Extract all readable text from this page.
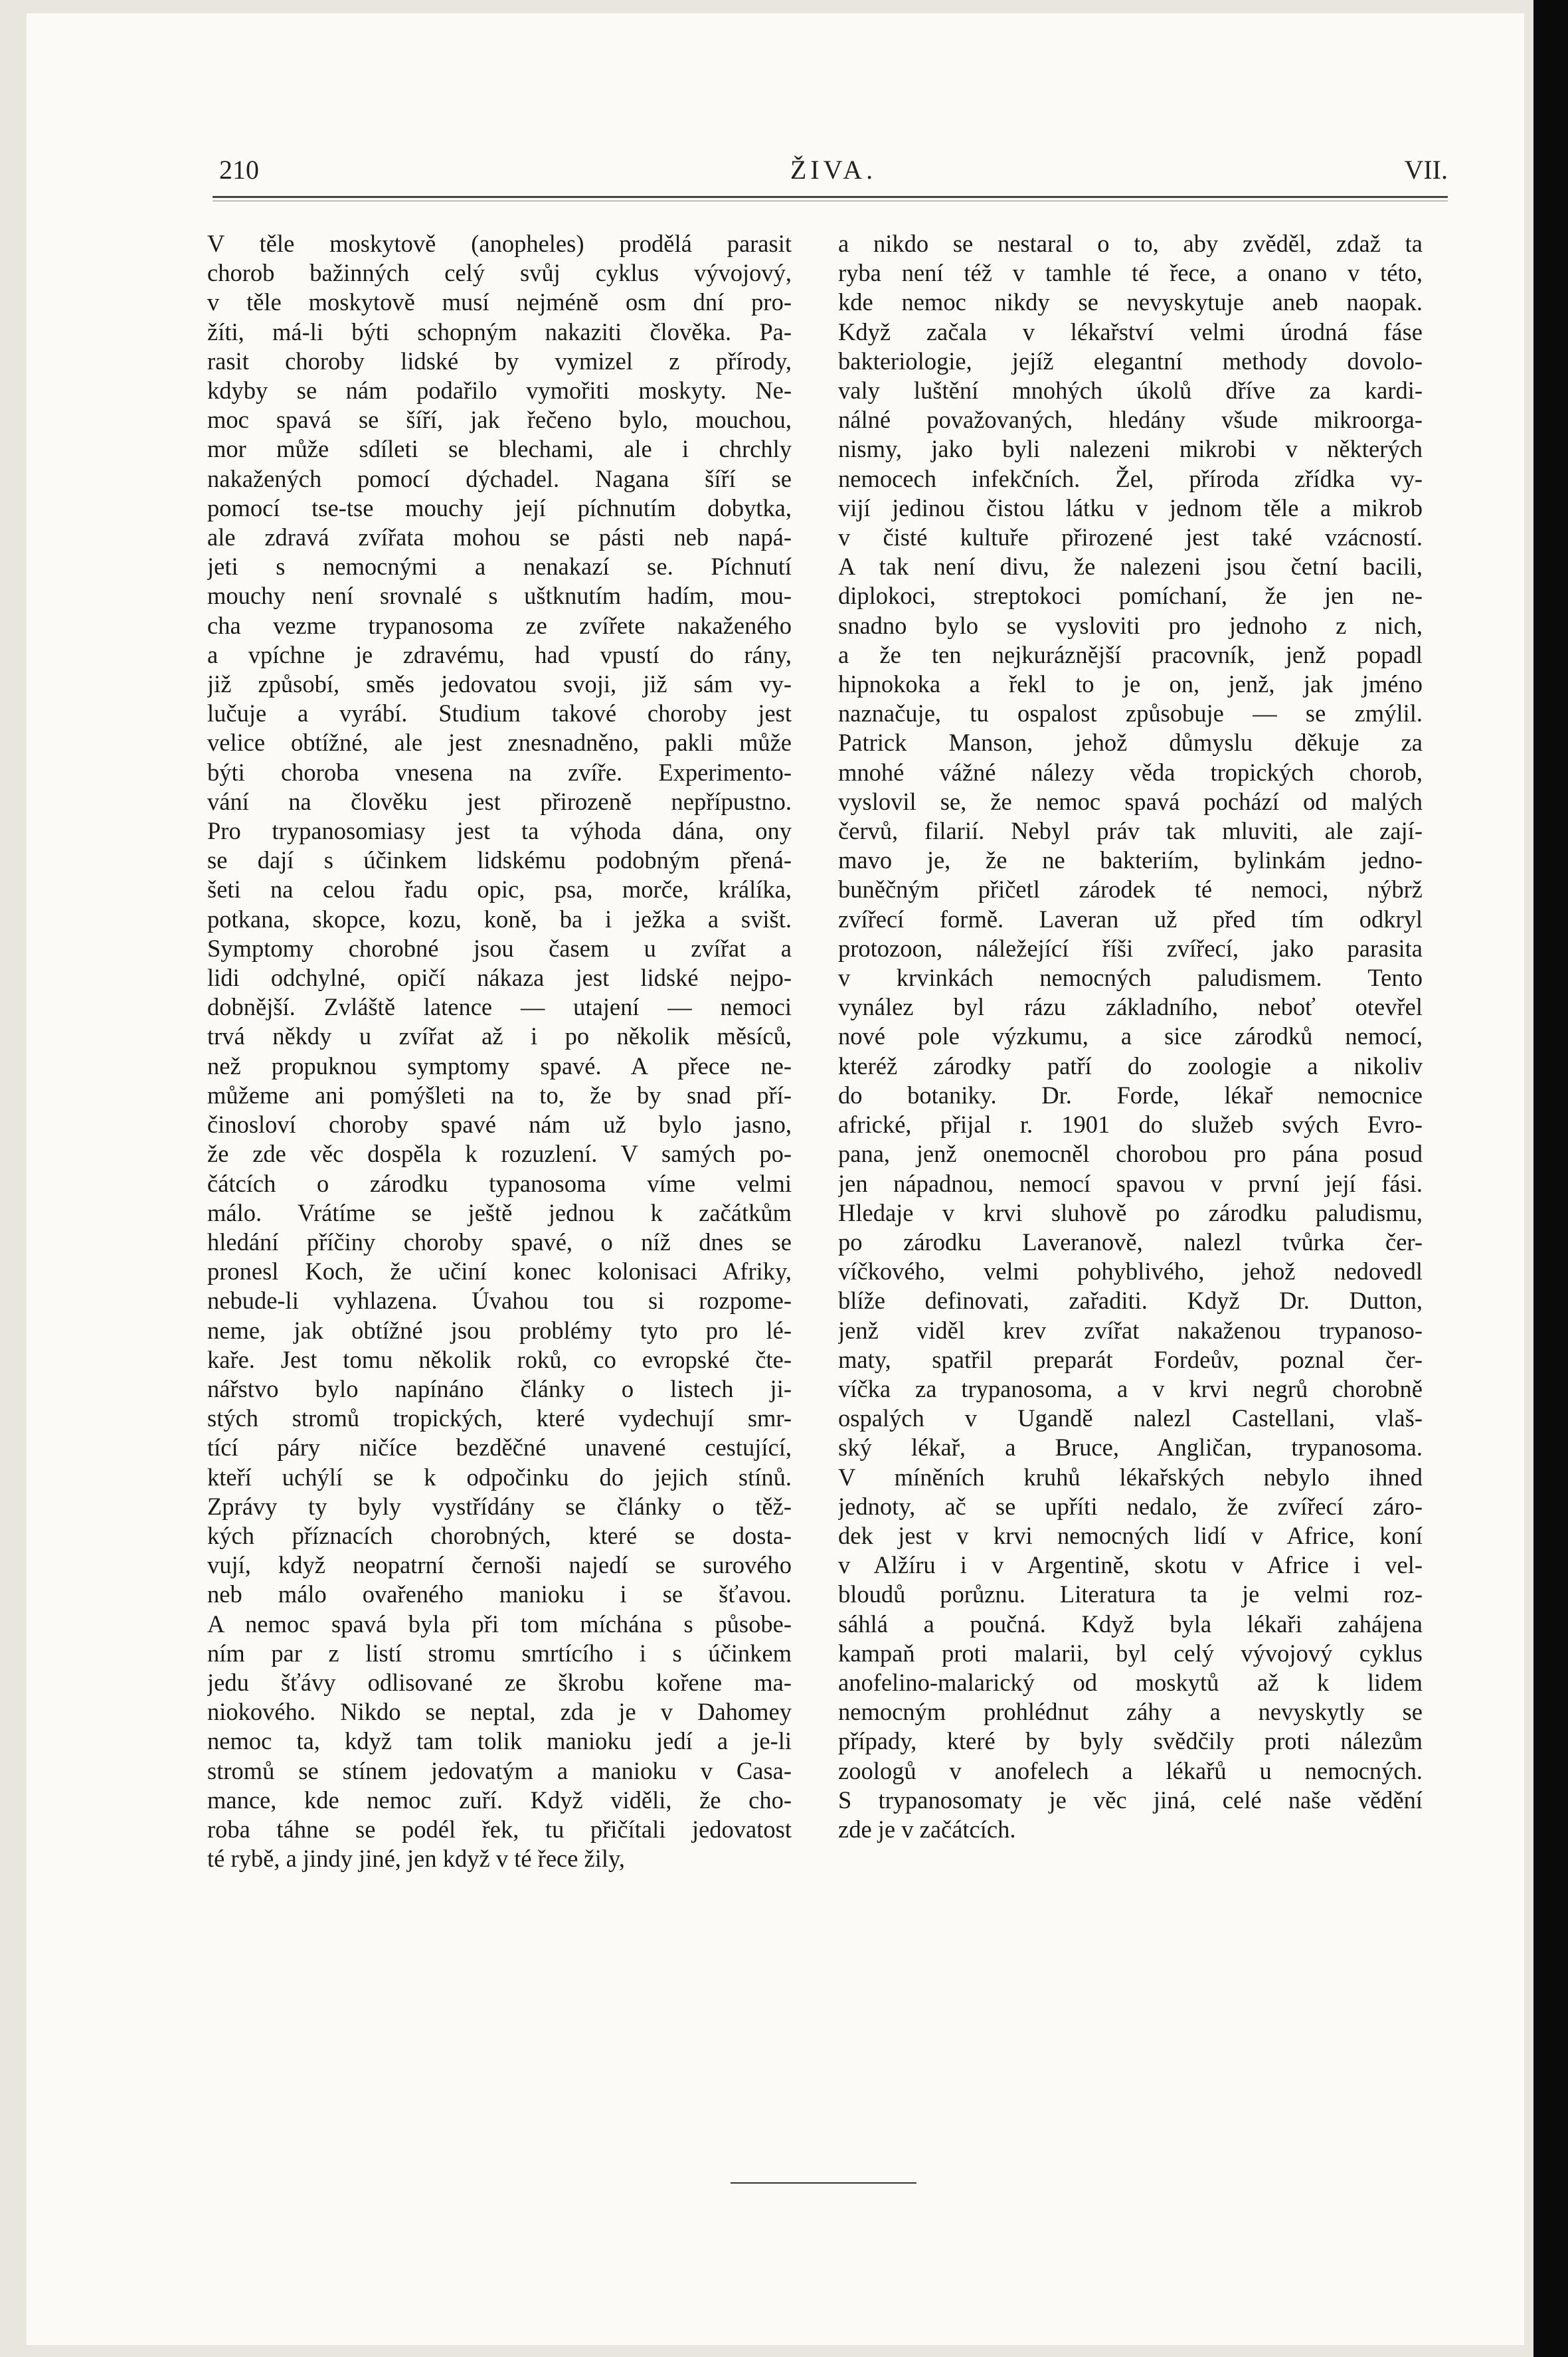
210	ŽIVA.	VII.
V těle moskytově (anopheles) prodělá parasit
chorob bažinných celý svůj cyklus vývojový,
v těle moskytově musí nejméně osm dní pro-
žíti, má-li býti schopným nakaziti člověka. Pa-
rasit choroby lidské by vymizel z přírody,
kdyby se nám podařilo vymořiti moskyty. Ne-
moc spavá se šíří, jak řečeno bylo, mouchou,
mor může sdíleti se blechami, ale i chrchly
nakažených pomocí dýchadel. Nagana šíří se
pomocí tse-tse mouchy její píchnutím dobytka,
ale zdravá zvířata mohou se pásti neb napá-
jeti s nemocnými a nenakazí se. Píchnutí
mouchy není srovnalé s uštknutím hadím, mou-
cha vezme trypanosoma ze zvířete nakaženého
a vpíchne je zdravému, had vpustí do rány,
již způsobí, směs jedovatou svoji, již sám vy-
lučuje a vyrábí. Studium takové choroby jest
velice obtížné, ale jest znesnadněno, pakli může
býti choroba vnesena na zvíře. Experimento-
vání na člověku jest přirozeně nepřípustno.
Pro trypanosomiasy jest ta výhoda dána, ony
se dají s účinkem lidskému podobným přená-
šeti na celou řadu opic, psa, morče, králíka,
potkana, skopce, kozu, koně, ba i ježka a svišt.
Symptomy chorobné jsou časem u zvířat a
lidi odchylné, opičí nákaza jest lidské nejpo-
dobnější. Zvláště latence — utajení — nemoci
trvá někdy u zvířat až i po několik měsíců,
než propuknou symptomy spavé. A přece ne-
můžeme ani pomýšleti na to, že by snad pří-
činosloví choroby spavé nám už bylo jasno,
že zde věc dospěla k rozuzlení. V samých po-
čátcích o zárodku typanosoma víme velmi
málo. Vrátíme se ještě jednou k začátkům
hledání příčiny choroby spavé, o níž dnes se
pronesl Koch, že učiní konec kolonisaci Afriky,
nebude-li vyhlazena. Úvahou tou si rozpome-
neme, jak obtížné jsou problémy tyto pro lé-
kaře. Jest tomu několik roků, co evropské čte-
nářstvo bylo napínáno články o listech ji-
stých stromů tropických, které vydechují smr-
tící páry ničíce bezděčné unavené cestující,
kteří uchýlí se k odpočinku do jejich stínů.
Zprávy ty byly vystřídány se články o těž-
kých příznacích chorobných, které se dosta-
vují, když neopatrní černoši najedí se surového
neb málo ovařeného manioku i se šťavou.
A nemoc spavá byla při tom míchána s působe-
ním par z listí stromu smrtícího i s účinkem
jedu šťávy odlisované ze škrobu kořene ma-
niokového. Nikdo se neptal, zda je v Dahomey
nemoc ta, když tam tolik manioku jedí a je-li
stromů se stínem jedovatým a manioku v Casa-
mance, kde nemoc zuří. Když viděli, že cho-
roba táhne se podél řek, tu přičítali jedovatost
té rybě, a jindy jiné, jen když v té řece žily,
a nikdo se nestaral o to, aby zvěděl, zdaž ta
ryba není též v tamhle té řece, a onano v této,
kde nemoc nikdy se nevyskytuje aneb naopak.
Když začala v lékařství velmi úrodná fáse
bakteriologie, jejíž elegantní methody dovolo-
valy luštění mnohých úkolů dříve za kardi-
nálné považovaných, hledány všude mikroorga-
nismy, jako byli nalezeni mikrobi v některých
nemocech infekčních. Žel, příroda zřídka vy-
vijí jedinou čistou látku v jednom těle a mikrob
v čisté kultuře přirozené jest také vzácností.
A tak není divu, že nalezeni jsou četní bacili,
diplokoci, streptokoci pomíchaní, že jen ne-
snadno bylo se vysloviti pro jednoho z nich,
a že ten nejkuráznější pracovník, jenž popadl
hipnokoka a řekl to je on, jenž, jak jméno
naznačuje, tu ospalost způsobuje — se zmýlil.
Patrick Manson, jehož důmyslu děkuje za
mnohé vážné nálezy věda tropických chorob,
vyslovil se, že nemoc spavá pochází od malých
červů, filarií. Nebyl práv tak mluviti, ale zají-
mavo je, že ne bakteriím, bylinkám jedno-
buněčným přičetl zárodek té nemoci, nýbrž
zvířecí formě. Laveran už před tím odkryl
protozoon, náležející říši zvířecí, jako parasita
v krvinkách nemocných paludismem. Tento
vynález byl rázu základního, neboť otevřel
nové pole výzkumu, a sice zárodků nemocí,
kteréž zárodky patří do zoologie a nikoliv
do botaniky. Dr. Forde, lékař nemocnice
africké, přijal r. 1901 do služeb svých Evro-
pana, jenž onemocněl chorobou pro pána posud
jen nápadnou, nemocí spavou v první její fási.
Hledaje v krvi sluhově po zárodku paludismu,
po zárodku Laveranově, nalezl tvůrka čer-
víčkového, velmi pohyblivého, jehož nedovedl
blíže definovati, zařaditi. Když Dr. Dutton,
jenž viděl krev zvířat nakaženou trypanoso-
maty, spatřil preparát Fordeův, poznal čer-
víčka za trypanosoma, a v krvi negrů chorobně
ospalých v Ugandě nalezl Castellani, vlaš-
ský lékař, a Bruce, Angličan, trypanosoma.
V míněních kruhů lékařských nebylo ihned
jednoty, ač se upříti nedalo, že zvířecí záro-
dek jest v krvi nemocných lidí v Africe, koní
v Alžíru i v Argentině, skotu v Africe i vel-
bloudů porůznu. Literatura ta je velmi roz-
sáhlá a poučná. Když byla lékaři zahájena
kampaň proti malarii, byl celý vývojový cyklus
anofelino-malarický od moskytů až k lidem
nemocným prohlédnut záhy a nevyskytly se
případy, které by byly svědčily proti nálezům
zoologů v anofelech a lékařů u nemocných.
S trypanosomaty je věc jiná, celé naše vědění
zde je v začátcích.
